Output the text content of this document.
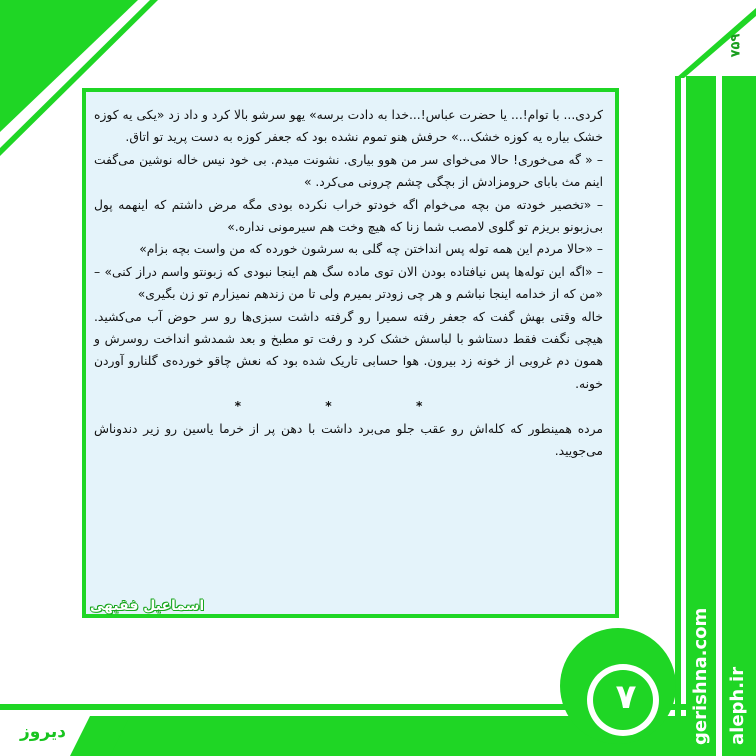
۷۵۹

کردی... با توام!... یا حضرت عباس!...خدا به دادت برسه» یهو سرشو بالا کرد و داد زد «یکی یه کوزه خشک بیاره یه کوزه خشک...» حرفش هنو تموم نشده بود که جعفر کوزه به دست پرید تو اتاق.

– « گه می‌خوری! حالا می‌خوای سر من هوو بیاری. نشونت میدم. بی خود نیس خاله نوشین می‌گفت اینم مث بابای حرومزادش از بچگی چشم چرونی می‌کرد. »

– «تخصیر خودته من بچه می‌خوام اگه خودتو خراب نکرده بودی مگه مرض داشتم که اینهمه پول بی‌زبونو بریزم تو گلوی لامصب شما زنا که هیچ وخت هم سیرمونی نداره.»

– «حالا مردم این همه توله پس انداختن چه گلی به سرشون خورده که من واست بچه بزام»

– «اگه این توله‌ها پس نیافتاده بودن الان توی ماده سگ هم اینجا نبودی که زبونتو واسم دراز کنی» – «من که از خدامه اینجا نباشم و هر چی زودتر بمیرم ولی تا من زندهم نمیزارم تو زن بگیری»

خاله وقتی بهش گفت که جعفر رفته سمیرا رو گرفته داشت سبزی‌ها رو سر حوض آب می‌کشید. هیچی نگفت فقط دستاشو با لباسش خشک کرد و رفت تو مطبخ و بعد شمدشو انداخت روسرش و همون دم غروبی از خونه زد بیرون. هوا حسابی تاریک شده بود که نعش چاقو خورده‌ی گلنارو آوردن خونه.

* * *

مرده همینطور که کله‌اش رو عقب جلو می‌برد داشت با دهن پر از خرما یاسین رو زیر دندوناش می‌جویید.

اسماعیل فقیهی
۷
دیروز	gerishna.com aleph.ir
